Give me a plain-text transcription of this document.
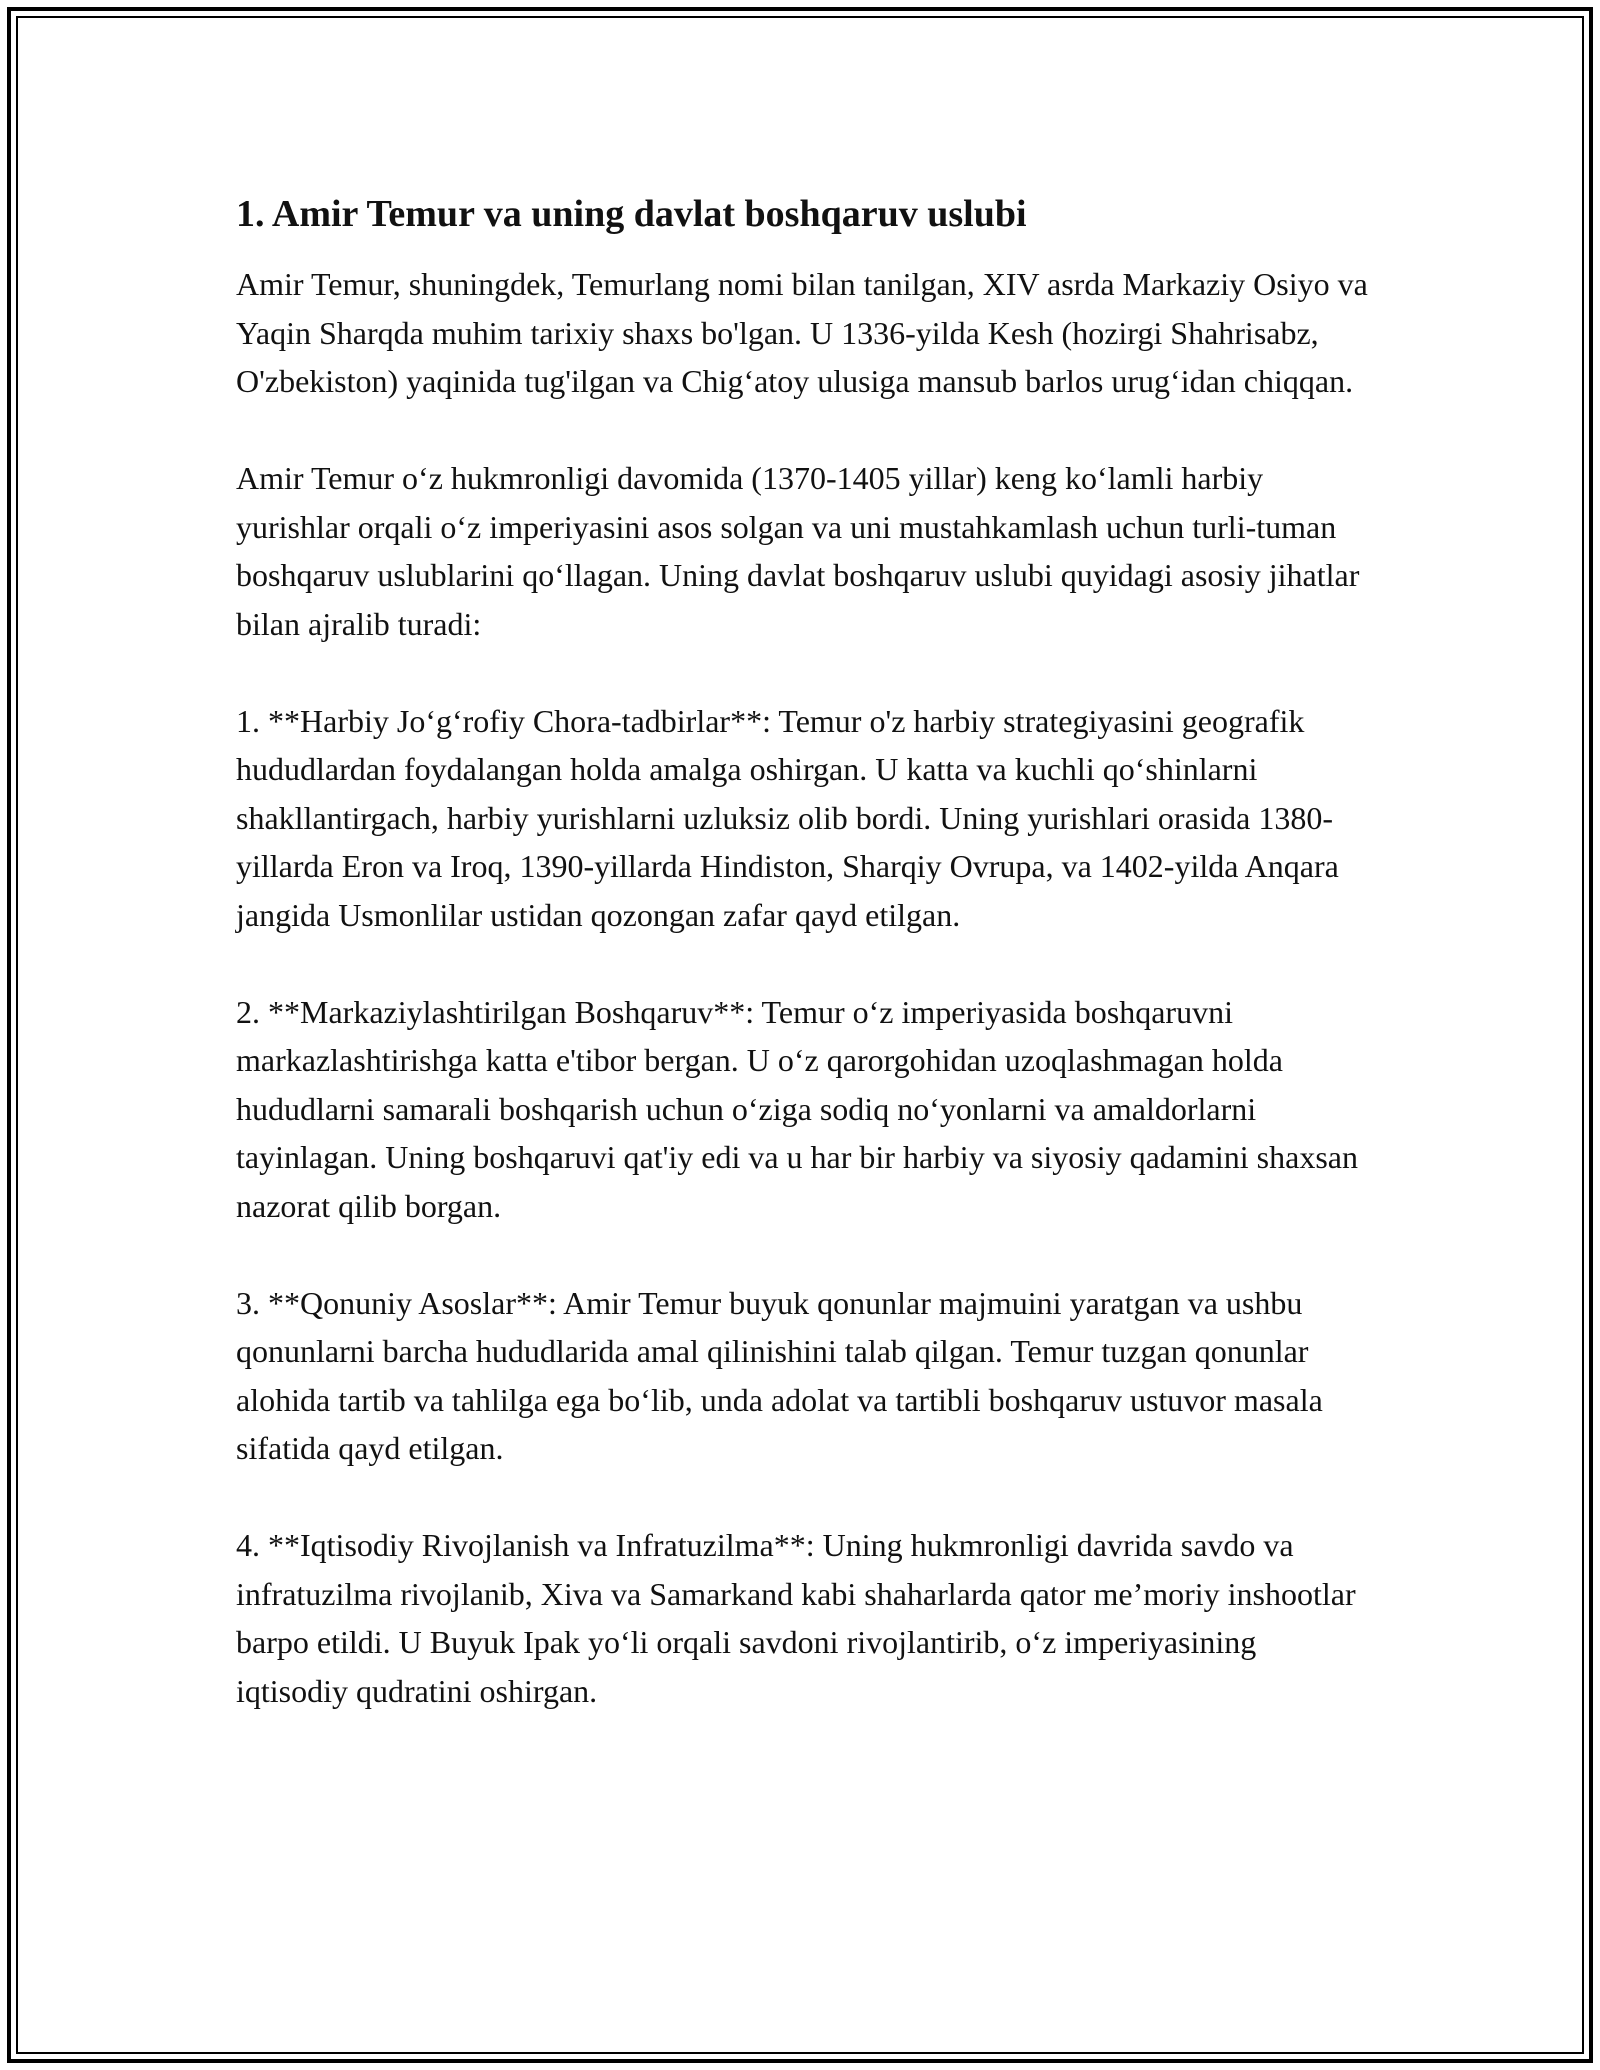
1. Amir Temur va uning davlat boshqaruv uslubi

Amir Temur, shuningdek, Temurlang nomi bilan tanilgan, XIV asrda Markaziy Osiyo va Yaqin Sharqda muhim tarixiy shaxs bo'lgan. U 1336-yilda Kesh (hozirgi Shahrisabz, O'zbekiston) yaqinida tug'ilgan va Chig‘atoy ulusiga mansub barlos urug‘idan chiqqan.

Amir Temur o‘z hukmronligi davomida (1370-1405 yillar) keng ko‘lamli harbiy yurishlar orqali o‘z imperiyasini asos solgan va uni mustahkamlash uchun turli-tuman boshqaruv uslublarini qo‘llagan. Uning davlat boshqaruv uslubi quyidagi asosiy jihatlar bilan ajralib turadi:

1. **Harbiy Jo‘g‘rofiy Chora-tadbirlar**: Temur o'z harbiy strategiyasini geografik hududlardan foydalangan holda amalga oshirgan. U katta va kuchli qo‘shinlarni shakllantirgach, harbiy yurishlarni uzluksiz olib bordi. Uning yurishlari orasida 1380-yillarda Eron va Iroq, 1390-yillarda Hindiston, Sharqiy Ovrupa, va 1402-yilda Anqara jangida Usmonlilar ustidan qozongan zafar qayd etilgan.

2. **Markaziylashtirilgan Boshqaruv**: Temur o‘z imperiyasida boshqaruvni markazlashtirishga katta e'tibor bergan. U o‘z qarorgohidan uzoqlashmagan holda hududlarni samarali boshqarish uchun o‘ziga sodiq no‘yonlarni va amaldorlarni tayinlagan. Uning boshqaruvi qat'iy edi va u har bir harbiy va siyosiy qadamini shaxsan nazorat qilib borgan.

3. **Qonuniy Asoslar**: Amir Temur buyuk qonunlar majmuini yaratgan va ushbu qonunlarni barcha hududlarida amal qilinishini talab qilgan. Temur tuzgan qonunlar alohida tartib va tahlilga ega bo‘lib, unda adolat va tartibli boshqaruv ustuvor masala sifatida qayd etilgan.

4. **Iqtisodiy Rivojlanish va Infratuzilma**: Uning hukmronligi davrida savdo va infratuzilma rivojlanib, Xiva va Samarkand kabi shaharlarda qator me’moriy inshootlar barpo etildi. U Buyuk Ipak yo‘li orqali savdoni rivojlantirib, o‘z imperiyasining iqtisodiy qudratini oshirgan.
